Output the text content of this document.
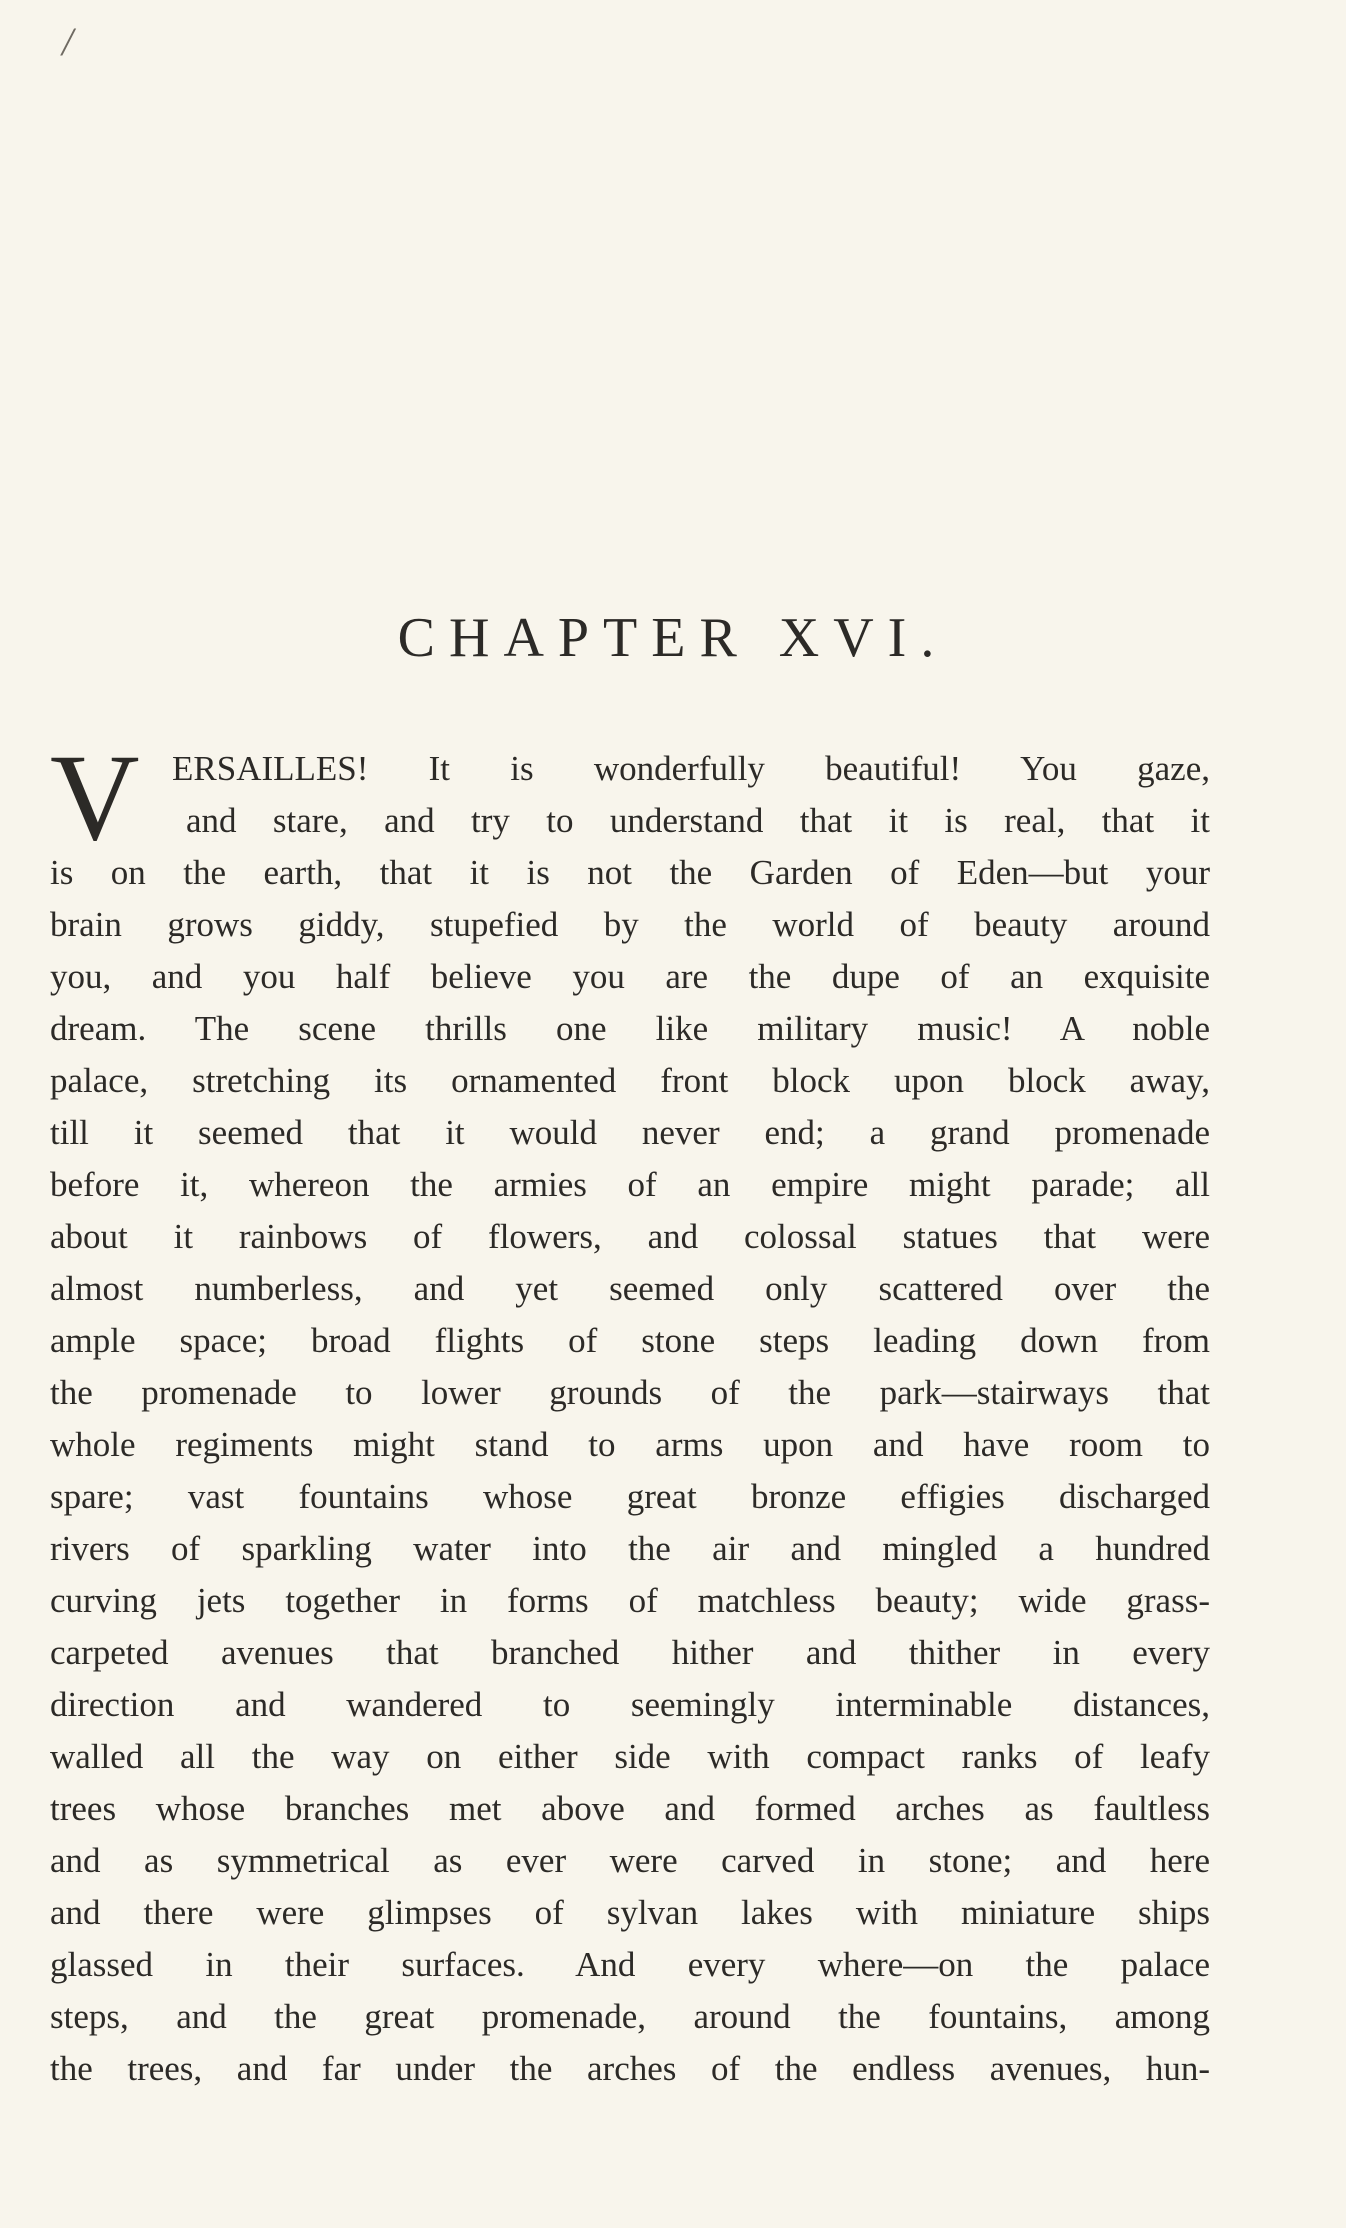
/
CHAPTER XVI.
V ERSAILLES! It is wonderfully beautiful! You gaze,
and stare, and try to understand that it is real, that it
is on the earth, that it is not the Garden of Eden—but your
brain grows giddy, stupefied by the world of beauty around
you, and you half believe you are the dupe of an exquisite
dream. The scene thrills one like military music! A noble
palace, stretching its ornamented front block upon block away,
till it seemed that it would never end; a grand promenade
before it, whereon the armies of an empire might parade; all
about it rainbows of flowers, and colossal statues that were
almost numberless, and yet seemed only scattered over the
ample space; broad flights of stone steps leading down from
the promenade to lower grounds of the park—stairways that
whole regiments might stand to arms upon and have room to
spare; vast fountains whose great bronze effigies discharged
rivers of sparkling water into the air and mingled a hundred
curving jets together in forms of matchless beauty; wide grass-
carpeted avenues that branched hither and thither in every
direction and wandered to seemingly interminable distances,
walled all the way on either side with compact ranks of leafy
trees whose branches met above and formed arches as faultless
and as symmetrical as ever were carved in stone; and here
and there were glimpses of sylvan lakes with miniature ships
glassed in their surfaces. And every where—on the palace
steps, and the great promenade, around the fountains, among
the trees, and far under the arches of the endless avenues, hun-
